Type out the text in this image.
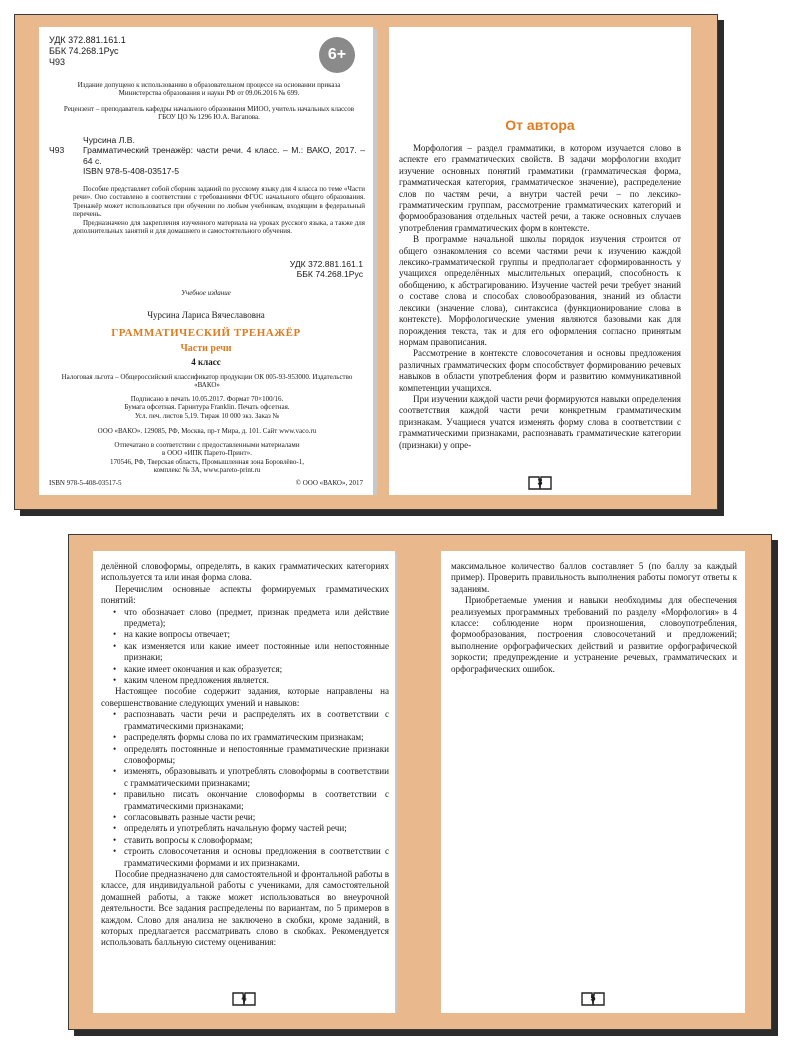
УДК 372.881.161.1
ББК 74.268.1Рус
Ч93	6+
Издание допущено к использованию в образовательном процессе на основании приказа Министерства образования и науки РФ от 09.06.2016 № 699.
Рецензент – преподаватель кафедры начального образования МИОО, учитель начальных классов ГБОУ ЦО № 1296 Ю.А. Вагапова.
Чурсина Л.В.
Ч93	Грамматический тренажёр: части речи. 4 класс. – М.: ВАКО, 2017. – 64 с.
ISBN 978-5-408-03517-5

Пособие представляет собой сборник заданий по русскому языку для 4 класса по теме «Части речи». Оно составлено в соответствии с требованиями ФГОС начального общего образования. Тренажёр может использоваться при обучении по любым учебникам, входящим в федеральный перечень.

Предназначено для закрепления изученного материала на уроках русского языка, а также для дополнительных занятий и для домашнего и самостоятельного обучения.

УДК 372.881.161.1
ББК 74.268.1Рус
Учебное издание
Чурсина Лариса Вячеславовна
ГРАММАТИЧЕСКИЙ ТРЕНАЖЁР
Части речи
4 класс
Налоговая льгота – Общероссийский классификатор продукции ОК 005-93-953000. Издательство «ВАКО»
Подписано в печать 10.05.2017. Формат 70×100/16.
Бумага офсетная. Гарнитура Franklin. Печать офсетная.
Усл. печ. листов 5,19. Тираж 10 000 экз. Заказ №
ООО «ВАКО». 129085, РФ, Москва, пр-т Мира, д. 101. Сайт www.vaco.ru
Отпечатано в соответствии с предоставленными материалами
в ООО «ИПК Парето-Принт».
170546, РФ, Тверская область, Промышленная зона Боровлёво-1,
комплекс № 3А, www.pareto-print.ru
ISBN 978-5-408-03517-5	© ООО «ВАКО», 2017
От автора

Морфология – раздел грамматики, в котором изучается слово в аспекте его грамматических свойств. В задачи морфологии входит изучение основных понятий грамматики (грамматическая форма, грамматическая категория, грамматическое значение), распределение слов по частям речи, а внутри частей речи – по лексико-грамматическим группам, рассмотрение грамматических категорий и формообразования отдельных частей речи, а также основных случаев употребления грамматических форм в контексте.

В программе начальной школы порядок изучения строится от общего ознакомления со всеми частями речи к изучению каждой лексико-грамматической группы и предполагает сформированность у учащихся определённых мыслительных операций, способность к обобщению, к абстрагированию. Изучение частей речи требует знаний о составе слова и способах словообразования, знаний из области лексики (значение слова), синтаксиса (функционирование слова в контексте). Морфологические умения являются базовыми как для порождения текста, так и для его оформления согласно принятым нормам правописания.

Рассмотрение в контексте словосочетания и основы предложения различных грамматических форм способствует формированию речевых навыков в области употребления форм и развитию коммуникативной компетенции учащихся.

При изучении каждой части речи формируются навыки определения соответствия каждой части речи конкретным грамматическим признакам. Учащиеся учатся изменять форму слова в соответствии с грамматическими признаками, распознавать грамматические категории (признаки) у опре-

3

делённой словоформы, определять, в каких грамматических категориях используется та или иная форма слова.

Перечислим основные аспекты формируемых грамматических понятий:

• что обозначает слово (предмет, признак предмета или действие предмета);
• на какие вопросы отвечает;
• как изменяется или какие имеет постоянные или непостоянные признаки;
• какие имеет окончания и как образуется;
• каким членом предложения является.

Настоящее пособие содержит задания, которые направлены на совершенствование следующих умений и навыков:

• распознавать части речи и распределять их в соответствии с грамматическими признаками;
• распределять формы слова по их грамматическим признакам;
• определять постоянные и непостоянные грамматические признаки словоформы;
• изменять, образовывать и употреблять словоформы в соответствии с грамматическими признаками;
• правильно писать окончание словоформы в соответствии с грамматическими признаками;
• согласовывать разные части речи;
• определять и употреблять начальную форму частей речи;
• ставить вопросы к словоформам;
• строить словосочетания и основы предложения в соответствии с грамматическими формами и их признаками.

Пособие предназначено для самостоятельной и фронтальной работы в классе, для индивидуальной работы с учениками, для самостоятельной домашней работы, а также может использоваться во внеурочной деятельности. Все задания распределены по вариантам, по 5 примеров в каждом. Слово для анализа не заключено в скобки, кроме заданий, в которых предлагается рассматривать слово в скобках. Рекомендуется использовать балльную систему оценивания:

4

максимальное количество баллов составляет 5 (по баллу за каждый пример). Проверить правильность выполнения работы помогут ответы к заданиям.

Приобретаемые умения и навыки необходимы для обеспечения реализуемых программных требований по разделу «Морфология» в 4 классе: соблюдение норм произношения, словоупотребления, формообразования, построения словосочетаний и предложений; выполнение орфографических действий и развитие орфографической зоркости; предупреждение и устранение речевых, грамматических и орфографических ошибок.

5
